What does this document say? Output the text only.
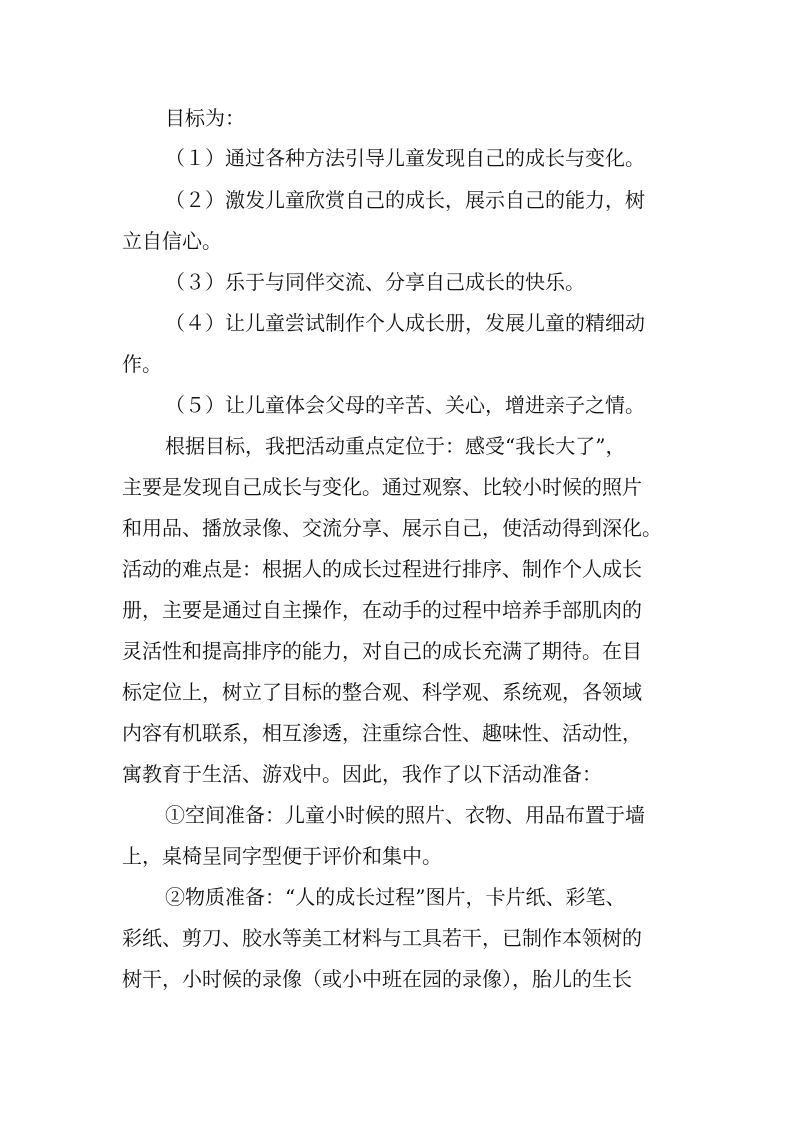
目标为：
（１）通过各种方法引导儿童发现自己的成长与变化。
（２）激发儿童欣赏自己的成长，展示自己的能力，树
立自信心。
（３）乐于与同伴交流、分享自己成长的快乐。
（４）让儿童尝试制作个人成长册，发展儿童的精细动
作。
（５）让儿童体会父母的辛苦、关心，增进亲子之情。
根据目标，我把活动重点定位于：感受“我长大了”，
主要是发现自己成长与变化。通过观察、比较小时候的照片
和用品、播放录像、交流分享、展示自己，使活动得到深化。
活动的难点是：根据人的成长过程进行排序、制作个人成长
册，主要是通过自主操作，在动手的过程中培养手部肌肉的
灵活性和提高排序的能力，对自己的成长充满了期待。在目
标定位上，树立了目标的整合观、科学观、系统观，各领域
内容有机联系，相互渗透，注重综合性、趣味性、活动性，
寓教育于生活、游戏中。因此，我作了以下活动准备：
①空间准备：儿童小时候的照片、衣物、用品布置于墙
上，桌椅呈同字型便于评价和集中。
②物质准备：“人的成长过程”图片，卡片纸、彩笔、
彩纸、剪刀、胶水等美工材料与工具若干，已制作本领树的
树干，小时候的录像（或小中班在园的录像），胎儿的生长
